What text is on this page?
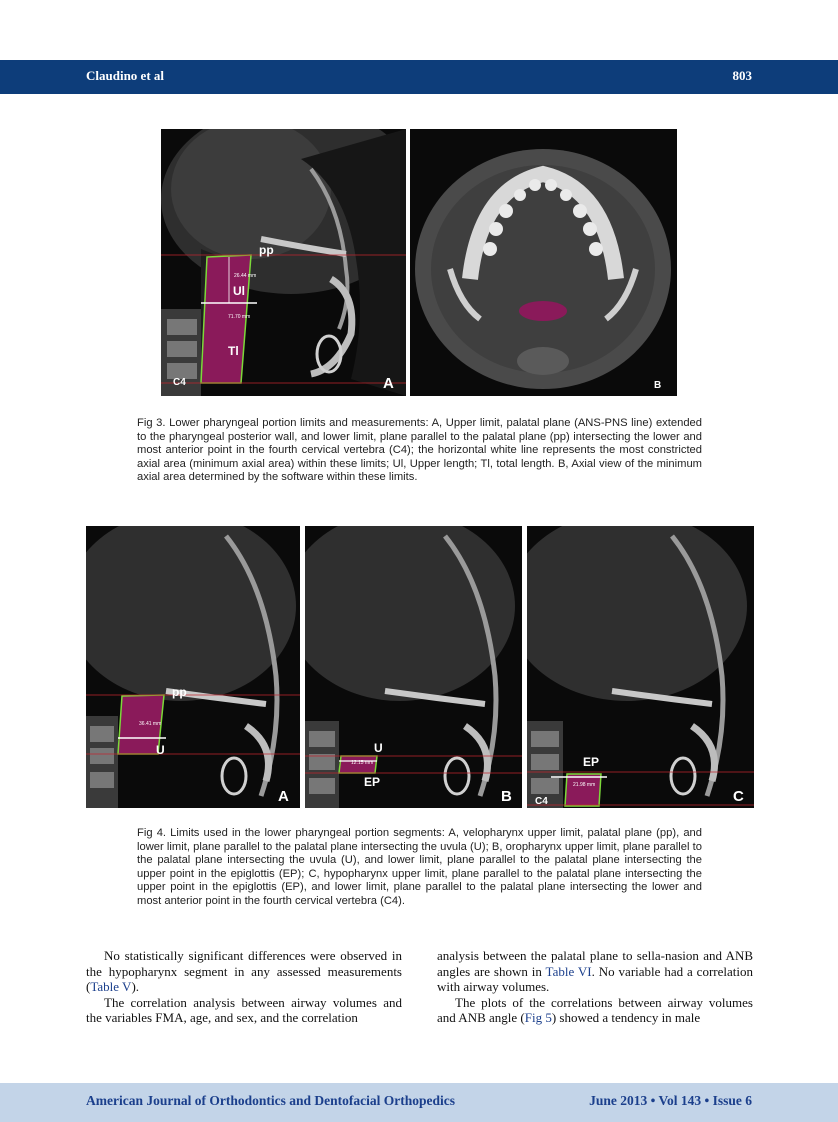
Claudino et al	803
pp
26.44 mm
Ul
71.70 mm
Tl
C4	A	B

Fig 3. Lower pharyngeal portion limits and measurements: A, Upper limit, palatal plane (ANS-PNS line) extended to the pharyngeal posterior wall, and lower limit, plane parallel to the palatal plane (pp) intersecting the lower and most anterior point in the fourth cervical vertebra (C4); the horizontal white line represents the most constricted axial area (minimum axial area) within these limits; Ul, Upper length; Tl, total length. B, Axial view of the minimum axial area determined by the software within these limits.

pp
36.41 mm
U
A
U
12.15 mm
EP
B
EP
21.98 mm
C4	C

Fig 4. Limits used in the lower pharyngeal portion segments: A, velopharynx upper limit, palatal plane (pp), and lower limit, plane parallel to the palatal plane intersecting the uvula (U); B, oropharynx upper limit, plane parallel to the palatal plane intersecting the uvula (U), and lower limit, plane parallel to the palatal plane intersecting the upper point in the epiglottis (EP); C, hypopharynx upper limit, plane parallel to the palatal plane intersecting the upper point in the epiglottis (EP), and lower limit, plane parallel to the palatal plane intersecting the lower and most anterior point in the fourth cervical vertebra (C4).

No statistically significant differences were observed in the hypopharynx segment in any assessed measurements (Table V).

The correlation analysis between airway volumes and the variables FMA, age, and sex, and the correlation

analysis between the palatal plane to sella-nasion and ANB angles are shown in Table VI. No variable had a correlation with airway volumes.

The plots of the correlations between airway volumes and ANB angle (Fig 5) showed a tendency in male

American Journal of Orthodontics and Dentofacial Orthopedics	June 2013 • Vol 143 • Issue 6
